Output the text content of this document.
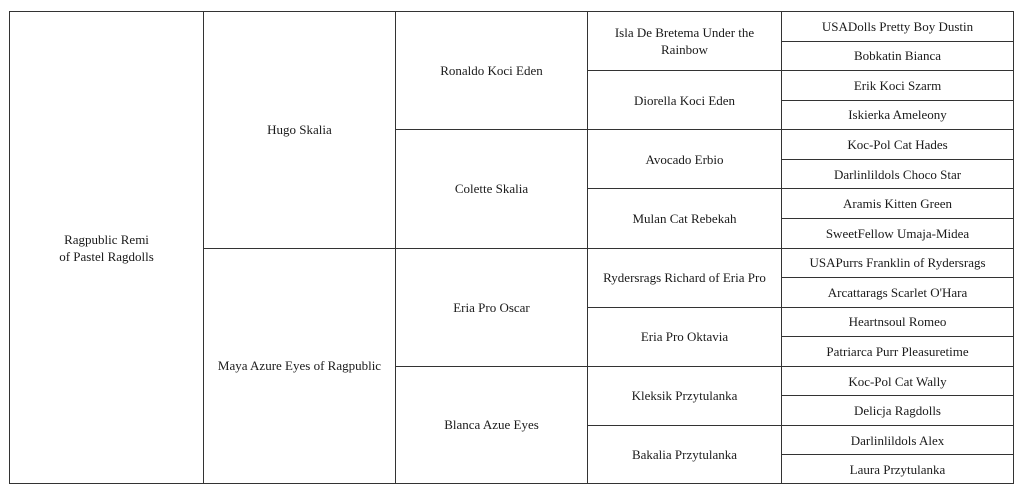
Ragpublic Remi
of Pastel Ragdolls
Hugo Skalia
Ronaldo Koci Eden
Isla De Bretema Under the Rainbow
USADolls Pretty Boy Dustin
Bobkatin Bianca
Diorella Koci Eden
Erik Koci Szarm
Iskierka Ameleony
Colette Skalia
Avocado Erbio
Koc-Pol Cat Hades
Darlinlildols Choco Star
Mulan Cat Rebekah
Aramis Kitten Green
SweetFellow Umaja-Midea
Maya Azure Eyes of Ragpublic
Eria Pro Oscar
Rydersrags Richard of Eria Pro
USAPurrs Franklin of Rydersrags
Arcattarags Scarlet O'Hara
Eria Pro Oktavia
Heartnsoul Romeo
Patriarca Purr Pleasuretime
Blanca Azue Eyes
Kleksik Przytulanka
Koc-Pol Cat Wally
Delicja Ragdolls
Bakalia Przytulanka
Darlinlildols Alex
Laura Przytulanka
